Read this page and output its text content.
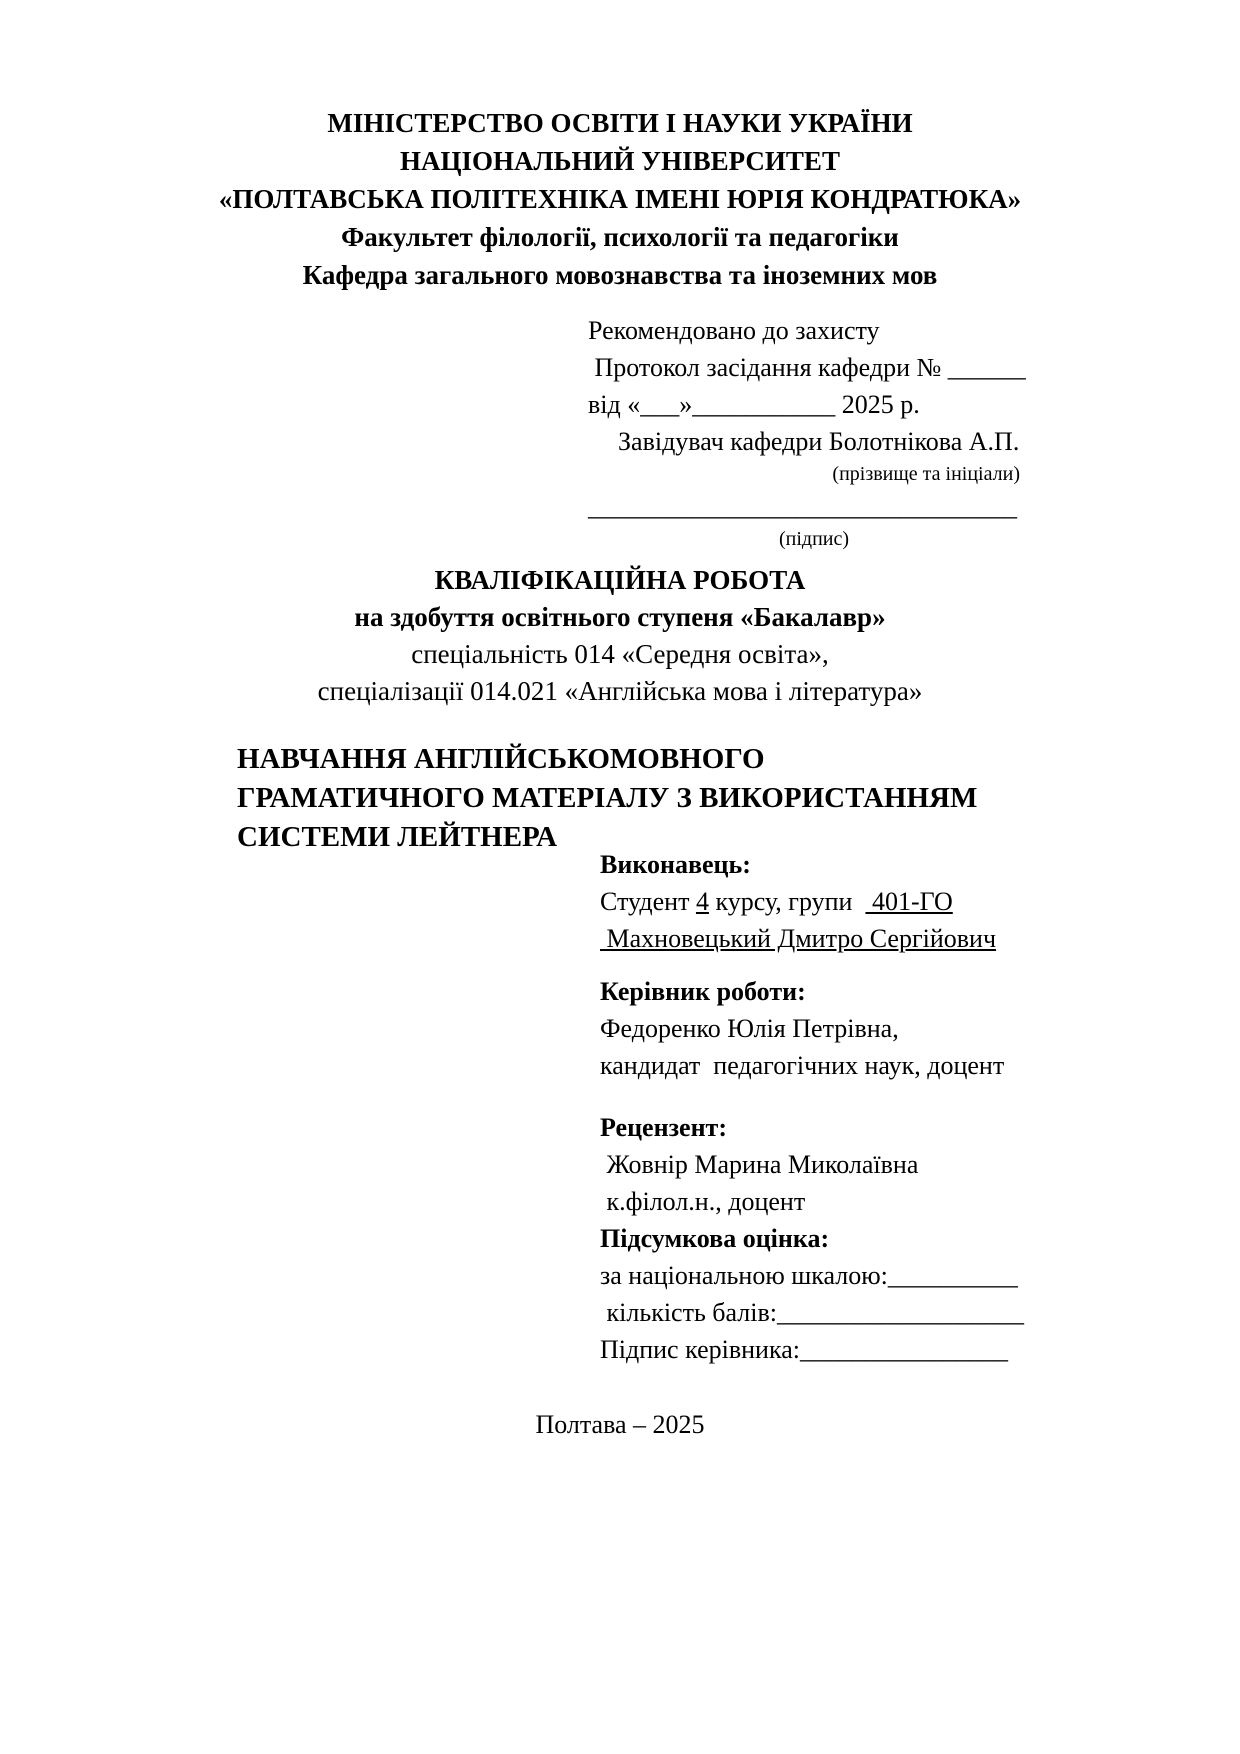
МІНІСТЕРСТВО ОСВІТИ І НАУКИ УКРАЇНИ
НАЦІОНАЛЬНИЙ УНІВЕРСИТЕТ
«ПОЛТАВСЬКА ПОЛІТЕХНІКА ІМЕНІ ЮРІЯ КОНДРАТЮКА»
Факультет філології, психології та педагогіки
Кафедра загального мовознавства та іноземних мов
Рекомендовано до захисту
Протокол засідання кафедри № ______
від «___»___________ 2025 р.
Завідувач кафедри Болотнікова А.П.
(прізвище та ініціали)
_________________________________
(підпис)
КВАЛІФІКАЦІЙНА РОБОТА
на здобуття освітнього ступеня «Бакалавр»
спеціальність 014 «Середня освіта»,
спеціалізації 014.021 «Англійська мова і література»
НАВЧАННЯ АНГЛІЙСЬКОМОВНОГО ГРАМАТИЧНОГО МАТЕРІАЛУ З ВИКОРИСТАННЯМ СИСТЕМИ ЛЕЙТНЕРА
Виконавець:
Студент 4 курсу, групи   401-ГО
Махновецький Дмитро Сергійович
Керівник роботи:
Федоренко Юлія Петрівна,
кандидат  педагогічних наук, доцент
Рецензент:
Жовнір Марина Миколаївна
к.філол.н., доцент
Підсумкова оцінка:
за національною шкалою:__________
кількість балів:___________________
Підпис керівника:________________
Полтава – 2025
